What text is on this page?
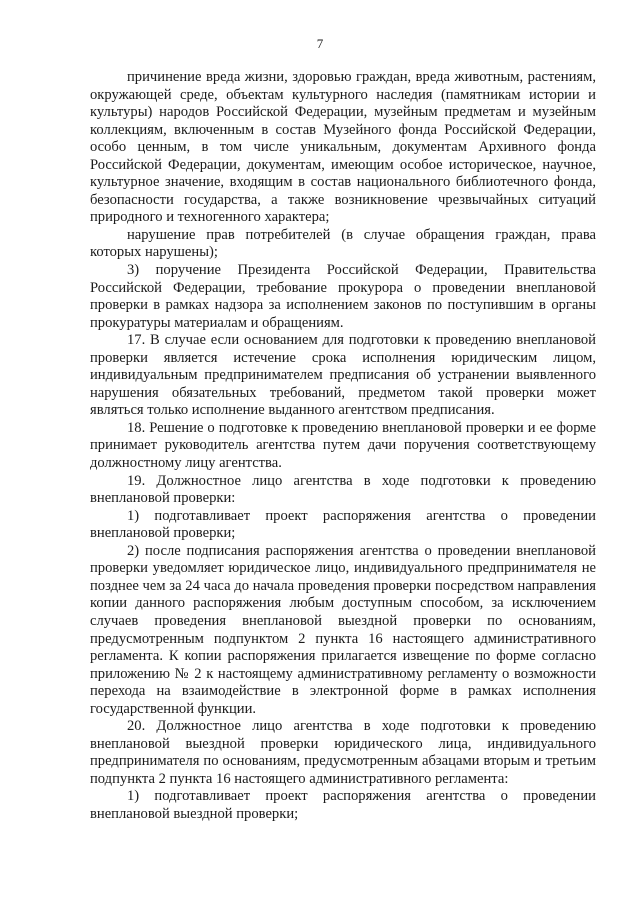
7

причинение вреда жизни, здоровью граждан, вреда животным, растениям, окружающей среде, объектам культурного наследия (памятникам истории и культуры) народов Российской Федерации, музейным предметам и музейным коллекциям, включенным в состав Музейного фонда Российской Федерации, особо ценным, в том числе уникальным, документам Архивного фонда Российской Федерации, документам, имеющим особое историческое, научное, культурное значение, входящим в состав национального библиотечного фонда, безопасности государства, а также возникновение чрезвычайных ситуаций природного и техногенного характера;

нарушение прав потребителей (в случае обращения граждан, права которых нарушены);

3) поручение Президента Российской Федерации, Правительства Российской Федерации, требование прокурора о проведении внеплановой проверки в рамках надзора за исполнением законов по поступившим в органы прокуратуры материалам и обращениям.

17. В случае если основанием для подготовки к проведению внеплановой проверки является истечение срока исполнения юридическим лицом, индивидуальным предпринимателем предписания об устранении выявленного нарушения обязательных требований, предметом такой проверки может являться только исполнение выданного агентством предписания.

18. Решение о подготовке к проведению внеплановой проверки и ее форме принимает руководитель агентства путем дачи поручения соответствующему должностному лицу агентства.

19. Должностное лицо агентства в ходе подготовки к проведению внеплановой проверки:

1) подготавливает проект распоряжения агентства о проведении внеплановой проверки;

2) после подписания распоряжения агентства о проведении внеплановой проверки уведомляет юридическое лицо, индивидуального предпринимателя не позднее чем за 24 часа до начала проведения проверки посредством направления копии данного распоряжения любым доступным способом, за исключением случаев проведения внеплановой выездной проверки по основаниям, предусмотренным подпунктом 2 пункта 16 настоящего административного регламента. К копии распоряжения прилагается извещение по форме согласно приложению № 2 к настоящему административному регламенту о возможности перехода на взаимодействие в электронной форме в рамках исполнения государственной функции.

20. Должностное лицо агентства в ходе подготовки к проведению внеплановой выездной проверки юридического лица, индивидуального предпринимателя по основаниям, предусмотренным абзацами вторым и третьим подпункта 2 пункта 16 настоящего административного регламента:

1) подготавливает проект распоряжения агентства о проведении внеплановой выездной проверки;
